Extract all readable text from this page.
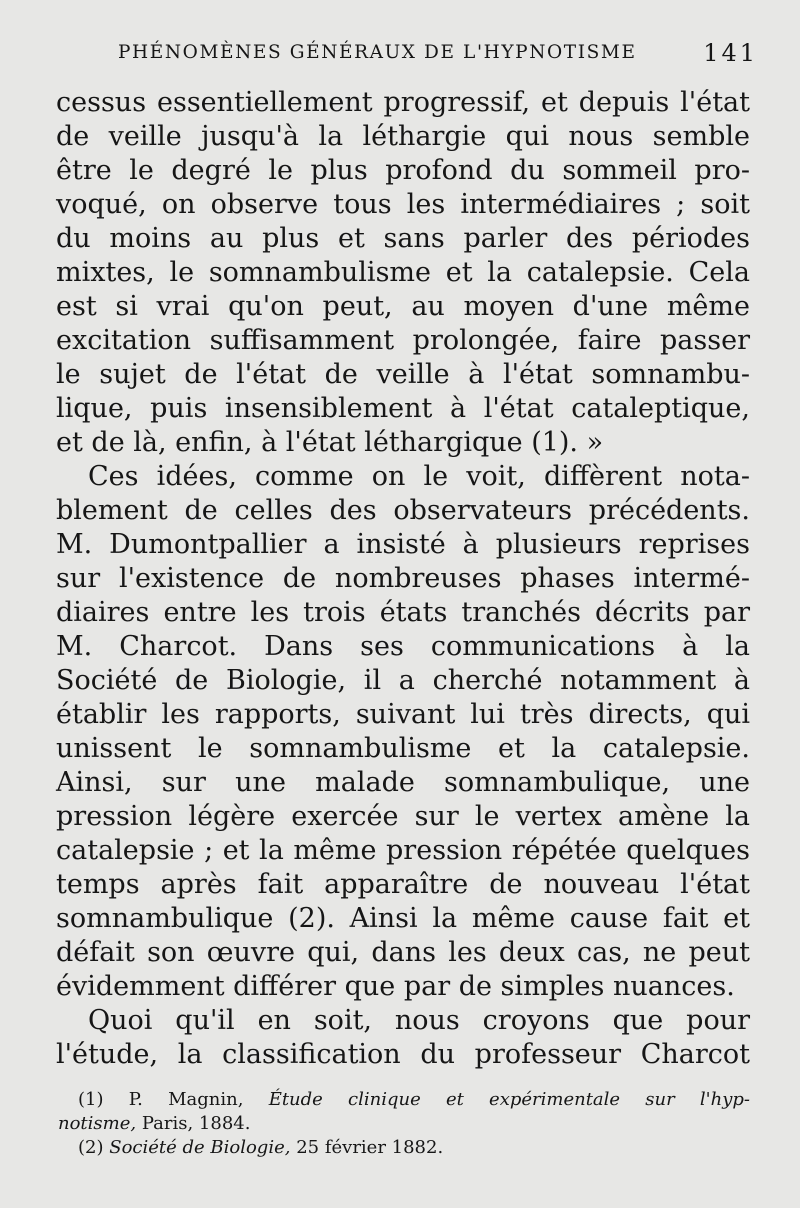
PHÉNOMÈNES GÉNÉRAUX DE L'HYPNOTISME	141
cessus essentiellement progressif, et depuis l'état
de veille jusqu'à la léthargie qui nous semble
être le degré le plus profond du sommeil pro-
voqué, on observe tous les intermédiaires ; soit
du moins au plus et sans parler des périodes
mixtes, le somnambulisme et la catalepsie. Cela
est si vrai qu'on peut, au moyen d'une même
excitation suffisamment prolongée, faire passer
le sujet de l'état de veille à l'état somnambu-
lique, puis insensiblement à l'état cataleptique,
et de là, enfin, à l'état léthargique (1). »
Ces idées, comme on le voit, diffèrent nota-
blement de celles des observateurs précédents.
M. Dumontpallier a insisté à plusieurs reprises
sur l'existence de nombreuses phases intermé-
diaires entre les trois états tranchés décrits par
M. Charcot. Dans ses communications à la
Société de Biologie, il a cherché notamment à
établir les rapports, suivant lui très directs, qui
unissent le somnambulisme et la catalepsie.
Ainsi, sur une malade somnambulique, une
pression légère exercée sur le vertex amène la
catalepsie ; et la même pression répétée quelques
temps après fait apparaître de nouveau l'état
somnambulique (2). Ainsi la même cause fait et
défait son œuvre qui, dans les deux cas, ne peut
évidemment différer que par de simples nuances.
Quoi qu'il en soit, nous croyons que pour
l'étude, la classification du professeur Charcot
(1) P. Magnin, Étude clinique et expérimentale sur l'hyp-
notisme, Paris, 1884.
(2) Société de Biologie, 25 février 1882.
